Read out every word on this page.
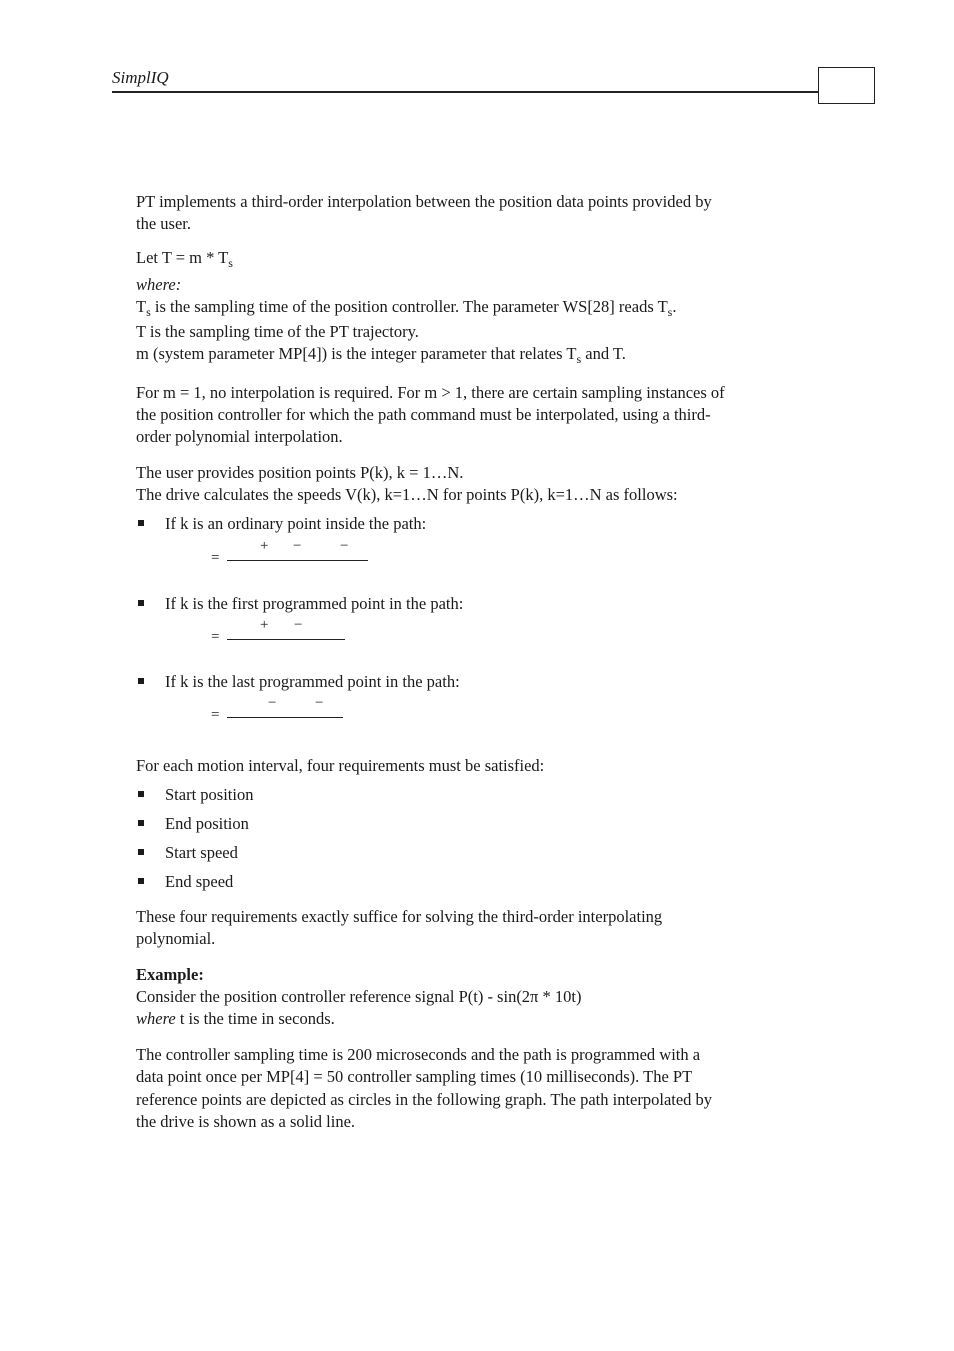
SimplIQ
PT implements a third-order interpolation between the position data points provided by
the user.
Let $T = m * T_s$
where:
$T_s$ is the sampling time of the position controller. The parameter WS[28] reads $T_s$.
T is the sampling time of the PT trajectory.
m (system parameter MP[4]) is the integer parameter that relates $T_s$ and T.
For m = 1, no interpolation is required. For m > 1, there are certain sampling instances of
the position controller for which the path command must be interpolated, using a third-
order polynomial interpolation.
The user provides position points P(k), k = 1…N.
The drive calculates the speeds V(k), k=1…N for points P(k), k=1…N as follows:
If k is an ordinary point inside the path:
+ −	−
=
If k is the first programmed point in the path:
+ −
=
If k is the last programmed point in the path:
−	−
=
For each motion interval, four requirements must be satisfied:
Start position
End position
Start speed
End speed
These four requirements exactly suffice for solving the third-order interpolating
polynomial.
Example:
Consider the position controller reference signal P(t) - sin(2π * 10t)
where t is the time in seconds.
The controller sampling time is 200 microseconds and the path is programmed with a
data point once per MP[4] = 50 controller sampling times (10 milliseconds). The PT
reference points are depicted as circles in the following graph. The path interpolated by
the drive is shown as a solid line.
